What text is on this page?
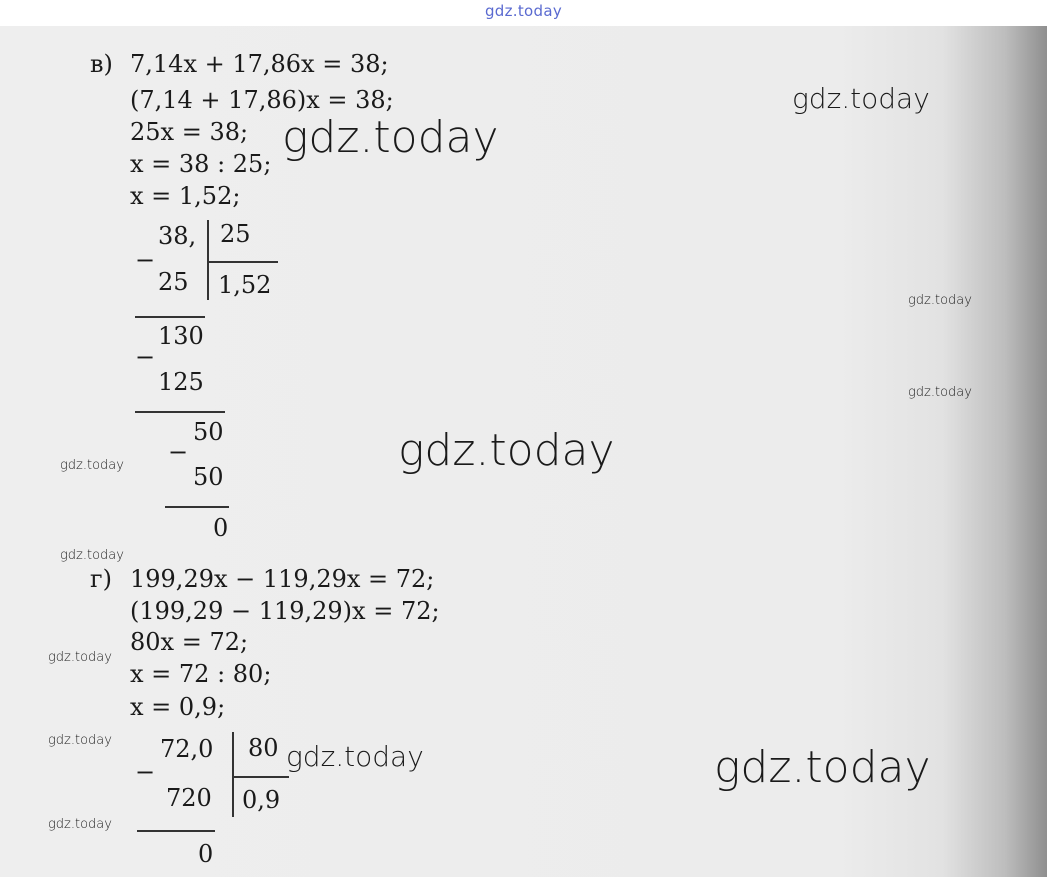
gdz.today
в) 7,14x + 17,86x = 38;
(7,14 + 17,86)x = 38;
25x = 38;
x = 38 : 25;
x = 1,52;
38,
−
25
25 1,52
−
130
125
50
−
50
0
г) 199,29x − 119,29x = 72;
(199,29 − 119,29)x = 72;
80x = 72;
x = 72 : 80;
x = 0,9;
72,0
−
80
720 0,9
0
gdz.today
gdz.today
gdz.today
gdz.today
gdz.today
gdz.today
gdz.today
gdz.today
gdz.today	gdz.today	gdz.today
gdz.today
